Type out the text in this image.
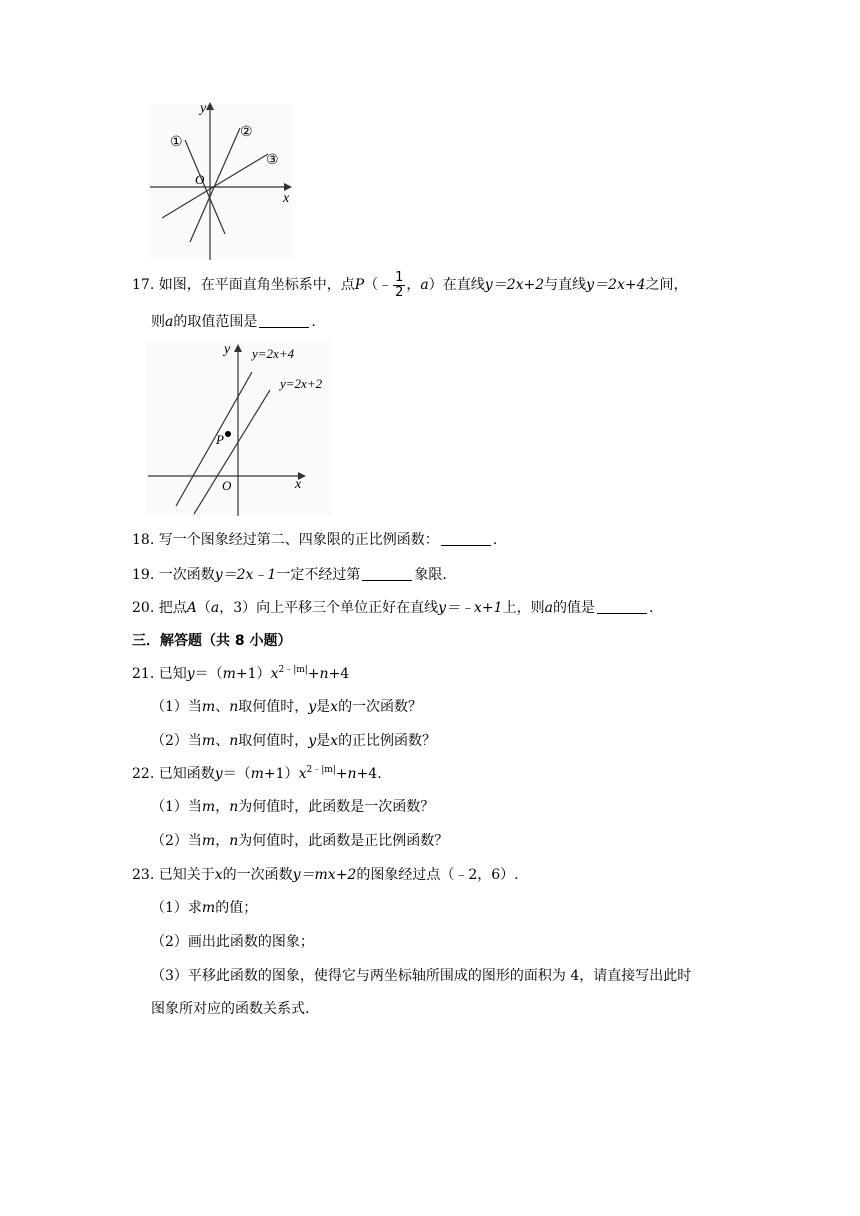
y
x
O
①
②
③
17. 如图，在平面直角坐标系中，点P（﹣ $\frac{1}{2}$ ，a）在直线y＝2x+2与直线y＝2x+4之间，
则a的取值范围是	.
y
x
O
P
y=2x+4
y=2x+2
18. 写一个图象经过第二、四象限的正比例函数：	.
19. 一次函数y＝2x﹣1一定不经过第	象限.
20. 把点A（a，3）向上平移三个单位正好在直线y＝﹣x+1上，则a的值是	.
三．解答题（共 8 小题）
21. 已知$y=(m+1)x^{2﹣|m|}+n+4$
（1）当m、n取何值时，y是x的一次函数？
（2）当m、n取何值时，y是x的正比例函数？
22. 已知函数$y=(m+1)x^{2﹣|m|}+n+4$.
（1）当m，n为何值时，此函数是一次函数？
（2）当m，n为何值时，此函数是正比例函数？
23. 已知关于x的一次函数y＝mx+2的图象经过点（﹣2，6）.
（1）求m的值；
（2）画出此函数的图象；
（3）平移此函数的图象，使得它与两坐标轴所围成的图形的面积为 4，请直接写出此时
图象所对应的函数关系式.
